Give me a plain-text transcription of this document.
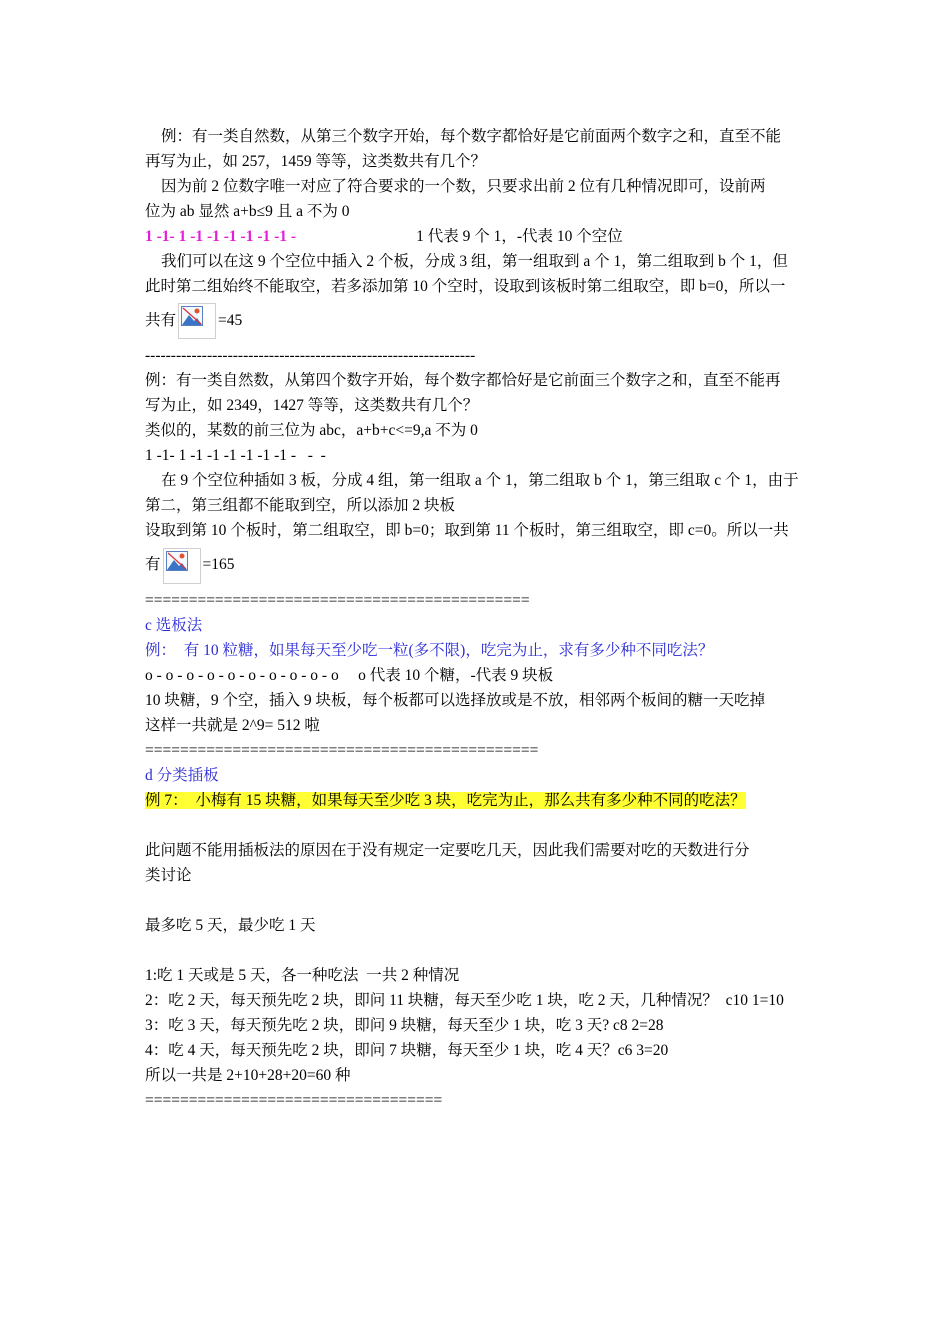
例：有一类自然数，从第三个数字开始，每个数字都恰好是它前面两个数字之和，直至不能

再写为止，如 257，1459 等等，这类数共有几个？

因为前 2 位数字唯一对应了符合要求的一个数，只要求出前 2 位有几种情况即可，设前两

位为 ab 显然 a+b≤9 且 a 不为 0

1 -1- 1 -1 -1 -1 -1 -1 -1 -	1 代表 9 个 1，-代表 10 个空位

我们可以在这 9 个空位中插入 2 个板，分成 3 组，第一组取到 a 个 1，第二组取到 b 个 1，但

此时第二组始终不能取空，若多添加第 10 个空时，设取到该板时第二组取空，即 b=0，所以一

共有	=45

----------------------------------------------------------------

例：有一类自然数，从第四个数字开始，每个数字都恰好是它前面三个数字之和，直至不能再

写为止，如 2349，1427 等等，这类数共有几个？

类似的，某数的前三位为 abc，a+b+c<=9,a 不为 0

1 -1- 1 -1 -1 -1 -1 -1 -1 -   -  -

在 9 个空位种插如 3 板，分成 4 组，第一组取 a 个 1，第二组取 b 个 1，第三组取 c 个 1，由于

第二，第三组都不能取到空，所以添加 2 块板

设取到第 10 个板时，第二组取空，即 b=0；取到第 11 个板时，第三组取空，即 c=0。所以一共

有	=165

============================================

c 选板法

例：  有 10 粒糖，如果每天至少吃一粒(多不限)，吃完为止，求有多少种不同吃法？

o - o - o - o - o - o - o - o - o - o     o 代表 10 个糖，-代表 9 块板

10 块糖，9 个空，插入 9 块板，每个板都可以选择放或是不放，相邻两个板间的糖一天吃掉

这样一共就是 2^9= 512 啦

=============================================

d 分类插板

例 7：  小梅有 15 块糖，如果每天至少吃 3 块，吃完为止，那么共有多少种不同的吃法？

此问题不能用插板法的原因在于没有规定一定要吃几天，因此我们需要对吃的天数进行分

类讨论

最多吃 5 天，最少吃 1 天

1:吃 1 天或是 5 天，各一种吃法  一共 2 种情况

2：吃 2 天，每天预先吃 2 块，即问 11 块糖，每天至少吃 1 块，吃 2 天，几种情况？  c10 1=10

3：吃 3 天，每天预先吃 2 块，即问 9 块糖，每天至少 1 块，吃 3 天? c8 2=28

4：吃 4 天，每天预先吃 2 块，即问 7 块糖，每天至少 1 块，吃 4 天？c6 3=20

所以一共是 2+10+28+20=60 种

==================================
